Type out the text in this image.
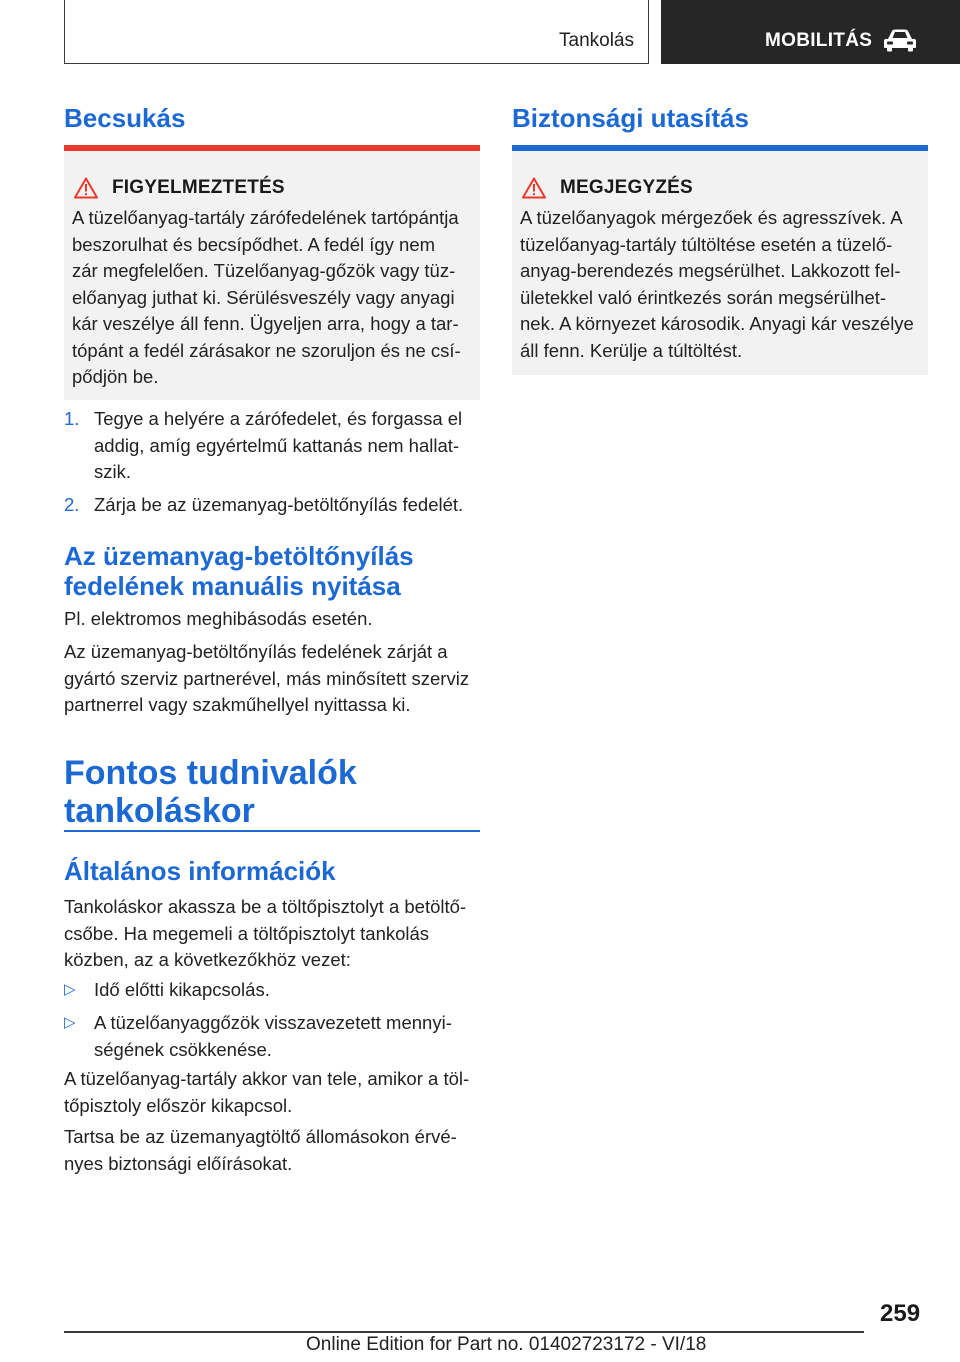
Tankolás	MOBILITÁS
Becsukás
FIGYELMEZTETÉS
A tüzelőanyag-tartály zárófedelének tartópántja
beszorulhat és becsípődhet. A fedél így nem
zár megfelelően. Tüzelőanyag-gőzök vagy tüz-
előanyag juthat ki. Sérülésveszély vagy anyagi
kár veszélye áll fenn. Ügyeljen arra, hogy a tar-
tópánt a fedél zárásakor ne szoruljon és ne csí-
pődjön be.
1. Tegye a helyére a zárófedelet, és forgassa el
addig, amíg egyértelmű kattanás nem hallat-
szik.
2. Zárja be az üzemanyag-betöltőnyílás fedelét.
Az üzemanyag-betöltőnyílás
fedelének manuális nyitása
Pl. elektromos meghibásodás esetén.
Az üzemanyag-betöltőnyílás fedelének zárját a
gyártó szerviz partnerével, más minősített szerviz
partnerrel vagy szakműhellyel nyittassa ki.
Fontos tudnivalók
tankoláskor
Általános információk
Tankoláskor akassza be a töltőpisztolyt a betöltő-
csőbe. Ha megemeli a töltőpisztolyt tankolás
közben, az a következőkhöz vezet:
▷ Idő előtti kikapcsolás.
▷ A tüzelőanyaggőzök visszavezetett mennyi-
ségének csökkenése.
A tüzelőanyag-tartály akkor van tele, amikor a töl-
tőpisztoly először kikapcsol.
Tartsa be az üzemanyagtöltő állomásokon érvé-
nyes biztonsági előírásokat.
Biztonsági utasítás
MEGJEGYZÉS
A tüzelőanyagok mérgezőek és agresszívek. A
tüzelőanyag-tartály túltöltése esetén a tüzelő-
anyag-berendezés megsérülhet. Lakkozott fel-
ületekkel való érintkezés során megsérülhet-
nek. A környezet károsodik. Anyagi kár veszélye
áll fenn. Kerülje a túltöltést.
259
Online Edition for Part no. 01402723172 - VI/18
